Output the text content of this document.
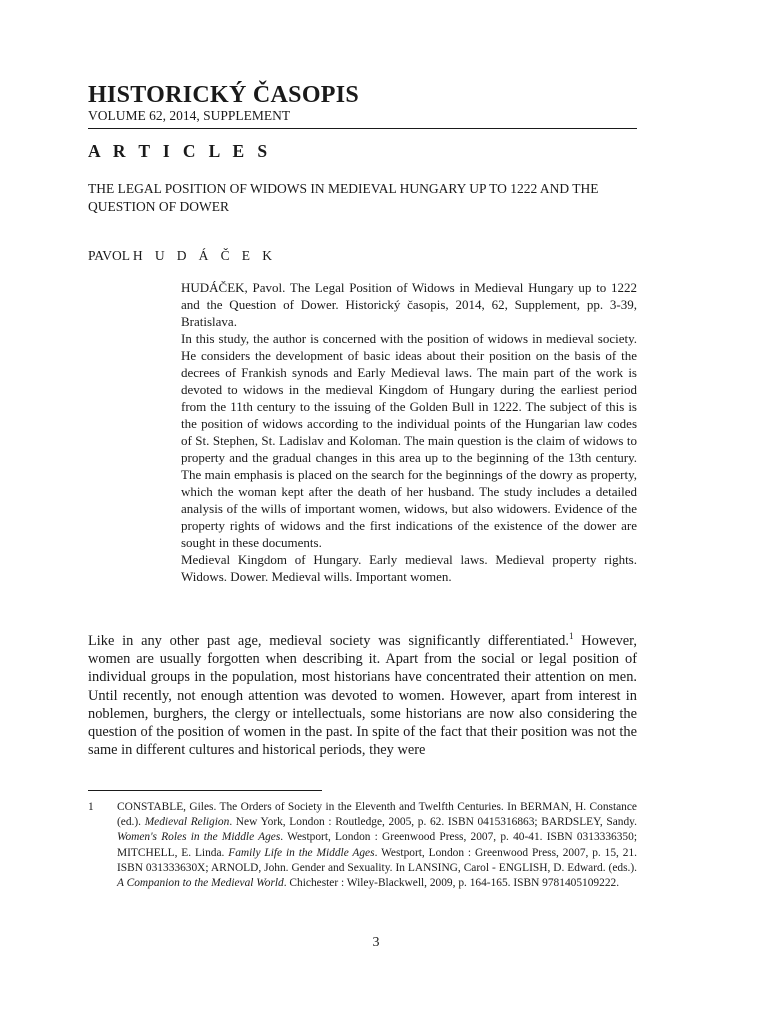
HISTORICKÝ ČASOPIS
VOLUME 62, 2014, SUPPLEMENT
A R T I C L E S
THE LEGAL POSITION OF WIDOWS IN MEDIEVAL HUNGARY UP TO 1222 AND THE QUESTION OF DOWER
PAVOL H U D Á Č E K

HUDÁČEK, Pavol. The Legal Position of Widows in Medieval Hungary up to 1222 and the Question of Dower. Historický časopis, 2014, 62, Supplement, pp. 3-39, Bratislava.

In this study, the author is concerned with the position of widows in medieval society. He considers the development of basic ideas about their position on the basis of the decrees of Frankish synods and Early Medieval laws. The main part of the work is devoted to widows in the medieval Kingdom of Hungary during the earliest period from the 11th century to the issuing of the Golden Bull in 1222. The subject of this is the position of widows according to the individual points of the Hungarian law codes of St. Stephen, St. Ladislav and Koloman. The main question is the claim of widows to property and the gradual changes in this area up to the beginning of the 13th century. The main emphasis is placed on the search for the beginnings of the dowry as property, which the woman kept after the death of her husband. The study includes a detailed analysis of the wills of important women, widows, but also widowers. Evidence of the property rights of widows and the first indications of the existence of the dower are sought in these documents.

Medieval Kingdom of Hungary. Early medieval laws. Medieval property rights. Widows. Dower. Medieval wills. Important women.

Like in any other past age, medieval society was significantly differentiated.$^1$ However, women are usually forgotten when describing it. Apart from the social or legal position of individual groups in the population, most historians have concentrated their attention on men. Until recently, not enough attention was devoted to women. However, apart from interest in noblemen, burghers, the clergy or intellectuals, some historians are now also considering the question of the position of women in the past. In spite of the fact that their position was not the same in different cultures and historical periods, they were

1 CONSTABLE, Giles. The Orders of Society in the Eleventh and Twelfth Centuries. In BERMAN, H. Constance (ed.). Medieval Religion. New York, London : Routledge, 2005, p. 62. ISBN 0415316863; BARDSLEY, Sandy. Women's Roles in the Middle Ages. Westport, London : Greenwood Press, 2007, p. 40-41. ISBN 0313336350; MITCHELL, E. Linda. Family Life in the Middle Ages. Westport, London : Greenwood Press, 2007, p. 15, 21. ISBN 031333630X; ARNOLD, John. Gender and Sexuality. In LANSING, Carol - ENGLISH, D. Edward. (eds.). A Companion to the Medieval World. Chichester : Wiley-Blackwell, 2009, p. 164-165. ISBN 9781405109222.
3
